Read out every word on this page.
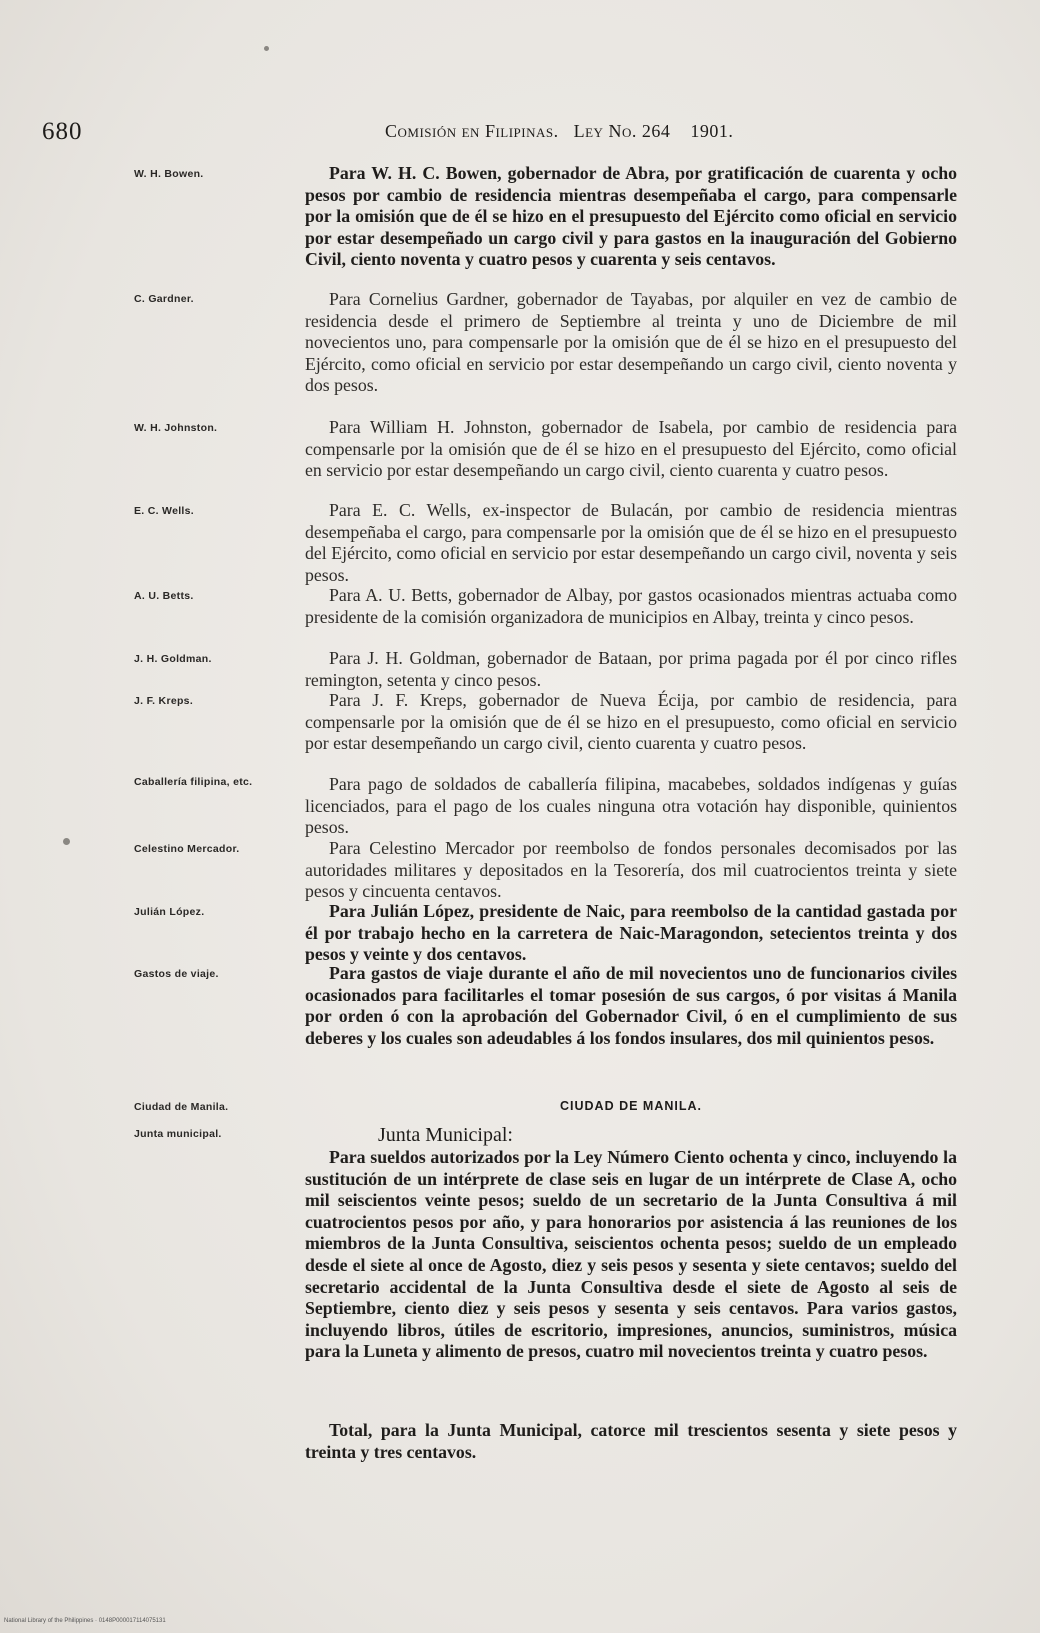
680	Comisión en Filipinas. Ley No. 264 1901.
W. H. Bowen.	Para W. H. C. Bowen, gobernador de Abra, por gratificación de cuarenta y ocho pesos por cambio de residencia mientras desempeñaba el cargo, para compensarle por la omisión que de él se hizo en el presupuesto del Ejército como oficial en servicio por estar desempeñado un cargo civil y para gastos en la inauguración del Gobierno Civil, ciento noventa y cuatro pesos y cuarenta y seis centavos.
C. Gardner.	Para Cornelius Gardner, gobernador de Tayabas, por alquiler en vez de cambio de residencia desde el primero de Septiembre al treinta y uno de Diciembre de mil novecientos uno, para compensarle por la omisión que de él se hizo en el presupuesto del Ejército, como oficial en servicio por estar desempeñando un cargo civil, ciento noventa y dos pesos.
W. H. Johnston.	Para William H. Johnston, gobernador de Isabela, por cambio de residencia para compensarle por la omisión que de él se hizo en el presupuesto del Ejército, como oficial en servicio por estar desempeñando un cargo civil, ciento cuarenta y cuatro pesos.
E. C. Wells.	Para E. C. Wells, ex-inspector de Bulacán, por cambio de residencia mientras desempeñaba el cargo, para compensarle por la omisión que de él se hizo en el presupuesto del Ejército, como oficial en servicio por estar desempeñando un cargo civil, noventa y seis pesos.
A. U. Betts.	Para A. U. Betts, gobernador de Albay, por gastos ocasionados mientras actuaba como presidente de la comisión organizadora de municipios en Albay, treinta y cinco pesos.
J. H. Goldman.	Para J. H. Goldman, gobernador de Bataan, por prima pagada por él por cinco rifles remington, setenta y cinco pesos.
J. F. Kreps.	Para J. F. Kreps, gobernador de Nueva Écija, por cambio de residencia, para compensarle por la omisión que de él se hizo en el presupuesto, como oficial en servicio por estar desempeñando un cargo civil, ciento cuarenta y cuatro pesos.
Caballería filipina, etc.	Para pago de soldados de caballería filipina, macabebes, soldados indígenas y guías licenciados, para el pago de los cuales ninguna otra votación hay disponible, quinientos pesos.
Celestino Mercador.	Para Celestino Mercador por reembolso de fondos personales decomisados por las autoridades militares y depositados en la Tesorería, dos mil cuatrocientos treinta y siete pesos y cincuenta centavos.
Julián López.	Para Julián López, presidente de Naic, para reembolso de la cantidad gastada por él por trabajo hecho en la carretera de Naic-Maragondon, setecientos treinta y dos pesos y veinte y dos centavos.
Gastos de viaje.	Para gastos de viaje durante el año de mil novecientos uno de funcionarios civiles ocasionados para facilitarles el tomar posesión de sus cargos, ó por visitas á Manila por orden ó con la aprobación del Gobernador Civil, ó en el cumplimiento de sus deberes y los cuales son adeudables á los fondos insulares, dos mil quinientos pesos.
Ciudad de Manila.	CIUDAD DE MANILA.
Junta municipal.	Junta Municipal:
Para sueldos autorizados por la Ley Número Ciento ochenta y cinco, incluyendo la sustitución de un intérprete de clase seis en lugar de un intérprete de Clase A, ocho mil seiscientos veinte pesos; sueldo de un secretario de la Junta Consultiva á mil cuatrocientos pesos por año, y para honorarios por asistencia á las reuniones de los miembros de la Junta Consultiva, seiscientos ochenta pesos; sueldo de un empleado desde el siete al once de Agosto, diez y seis pesos y sesenta y siete centavos; sueldo del secretario accidental de la Junta Consultiva desde el siete de Agosto al seis de Septiembre, ciento diez y seis pesos y sesenta y seis centavos. Para varios gastos, incluyendo libros, útiles de escritorio, impresiones, anuncios, suministros, música para la Luneta y alimento de presos, cuatro mil novecientos treinta y cuatro pesos.
Total, para la Junta Municipal, catorce mil trescientos sesenta y siete pesos y treinta y tres centavos.
National Library of the Philippines · 0148P000017114075131
